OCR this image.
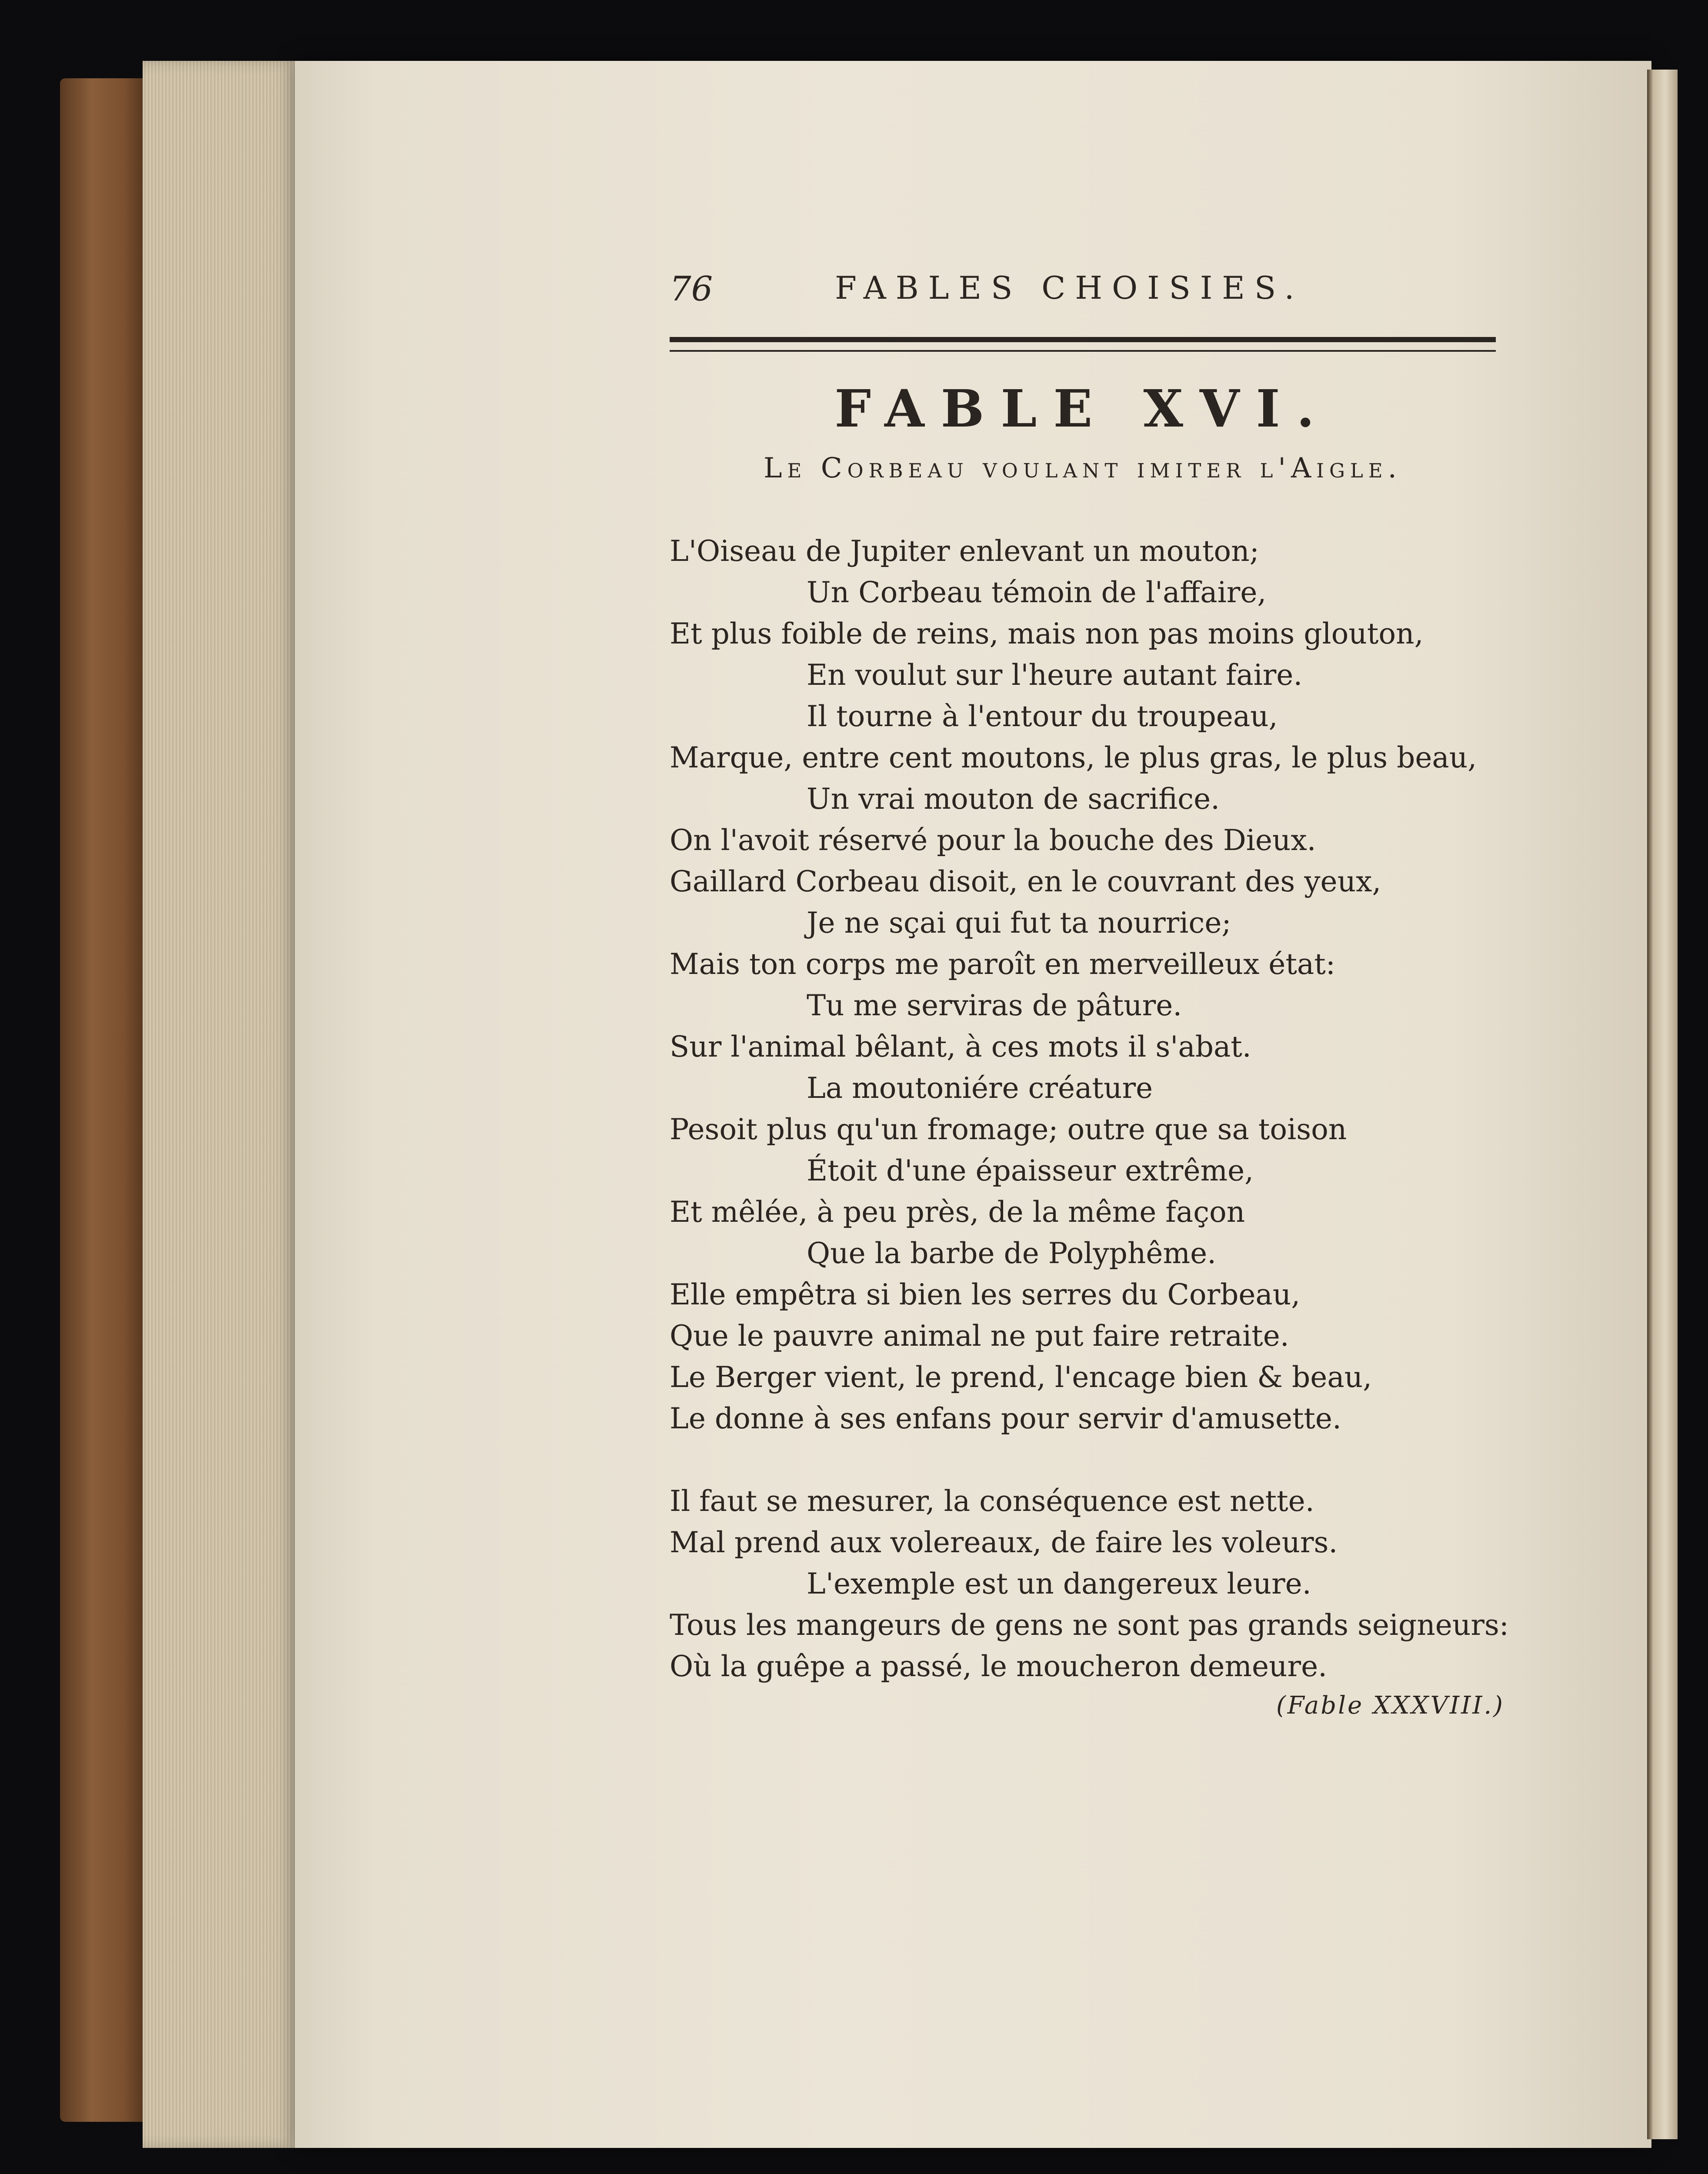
76	FABLES CHOISIES.
FABLE XVI.
Le Corbeau voulant imiter l'Aigle.
L'Oiseau de Jupiter enlevant un mouton;
Un Corbeau témoin de l'affaire,
Et plus foible de reins, mais non pas moins glouton,
En voulut sur l'heure autant faire.
Il tourne à l'entour du troupeau,
Marque, entre cent moutons, le plus gras, le plus beau,
Un vrai mouton de sacrifice.
On l'avoit réservé pour la bouche des Dieux.
Gaillard Corbeau disoit, en le couvrant des yeux,
Je ne sçai qui fut ta nourrice;
Mais ton corps me paroît en merveilleux état:
Tu me serviras de pâture.
Sur l'animal bêlant, à ces mots il s'abat.
La moutoniére créature
Pesoit plus qu'un fromage; outre que sa toison
Étoit d'une épaisseur extrême,
Et mêlée, à peu près, de la même façon
Que la barbe de Polyphême.
Elle empêtra si bien les serres du Corbeau,
Que le pauvre animal ne put faire retraite.
Le Berger vient, le prend, l'encage bien & beau,
Le donne à ses enfans pour servir d'amusette.
Il faut se mesurer, la conséquence est nette.
Mal prend aux volereaux, de faire les voleurs.
L'exemple est un dangereux leure.
Tous les mangeurs de gens ne sont pas grands seigneurs:
Où la guêpe a passé, le moucheron demeure.
(Fable XXXVIII.)
